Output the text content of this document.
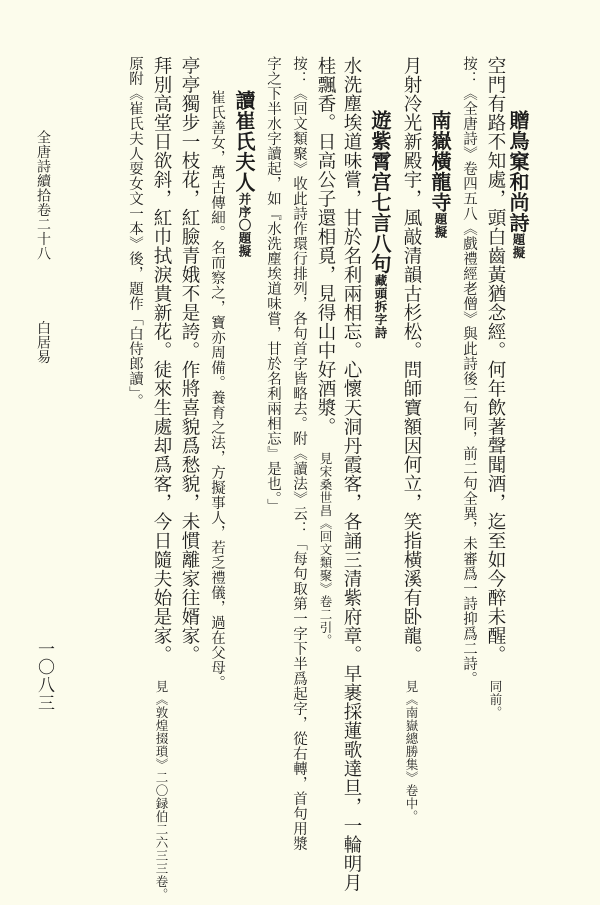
贈鳥窠和尚詩題擬
空門有路不知處，頭白齒黃猶念經。何年飲著聲聞酒，迄至如今醉未醒。同前。
按：《全唐詩》卷四五八《戲禮經老僧》與此詩後二句同，前二句全異，未審爲一詩抑爲二詩。
南嶽橫龍寺題擬
月射冷光新殿宇，風敲清韻古杉松。問師寶額因何立，笑指橫溪有卧龍。見《南嶽總勝集》卷中。
遊紫霄宫七言八句藏頭拆字詩
水洗塵埃道味嘗，甘於名利兩相忘。心懷天洞丹霞客，各誦三清紫府章。早裹採蓮歌達旦，一輪明月
桂飄香。日高公子還相覓，見得山中好酒漿。見宋桑世昌《回文類聚》卷二引。
按：《回文類聚》收此詩作環行排列，各句首字皆略去。附《讀法》云：「每句取第一字下半爲起字，從右轉，首句用漿
字之下半水字讀起，如『水洗塵埃道味嘗，甘於名利兩相忘』是也。」
讀崔氏夫人并序〇題擬
崔氏善女，萬古傳細。名而察之，寶亦周備。養育之法，方擬事人，若乏禮儀，過在父母。
亭亭獨步一枝花，紅臉青娥不是誇。作將喜貌爲愁貌，未慣離家往婿家。
拜別高堂日欲斜，紅巾拭淚貴新花。徒來生處却爲客，今日隨夫始是家。見《敦煌掇瑣》二〇録伯二六三三卷。
原附《崔氏夫人耍女文一本》後，題作「白侍郎讀」。
全唐詩續拾卷二十八白居易
一〇八三
